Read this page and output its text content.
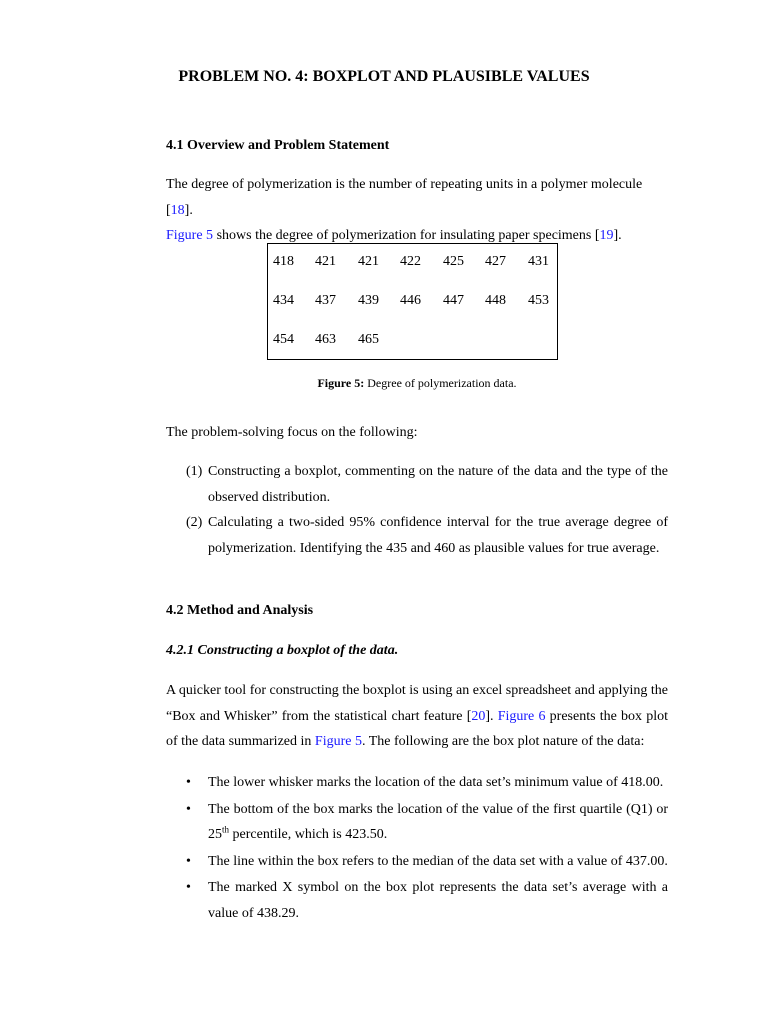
PROBLEM NO. 4: BOXPLOT AND PLAUSIBLE VALUES
4.1 Overview and Problem Statement
The degree of polymerization is the number of repeating units in a polymer molecule [18].
Figure 5 shows the degree of polymerization for insulating paper specimens [19].
418	421	421	422	425	427	431
434	437	439	446	447	448	453
454	463	465
Figure 5: Degree of polymerization data.
The problem-solving focus on the following:
(1) Constructing a boxplot, commenting on the nature of the data and the type of the observed distribution.
(2) Calculating a two-sided 95% confidence interval for the true average degree of polymerization. Identifying the 435 and 460 as plausible values for true average.
4.2 Method and Analysis
4.2.1 Constructing a boxplot of the data.
A quicker tool for constructing the boxplot is using an excel spreadsheet and applying the “Box and Whisker” from the statistical chart feature [20]. Figure 6 presents the box plot of the data summarized in Figure 5. The following are the box plot nature of the data:
• The lower whisker marks the location of the data set’s minimum value of 418.00.
• The bottom of the box marks the location of the value of the first quartile (Q1) or 25th percentile, which is 423.50.
• The line within the box refers to the median of the data set with a value of 437.00.
• The marked X symbol on the box plot represents the data set’s average with a value of 438.29.
